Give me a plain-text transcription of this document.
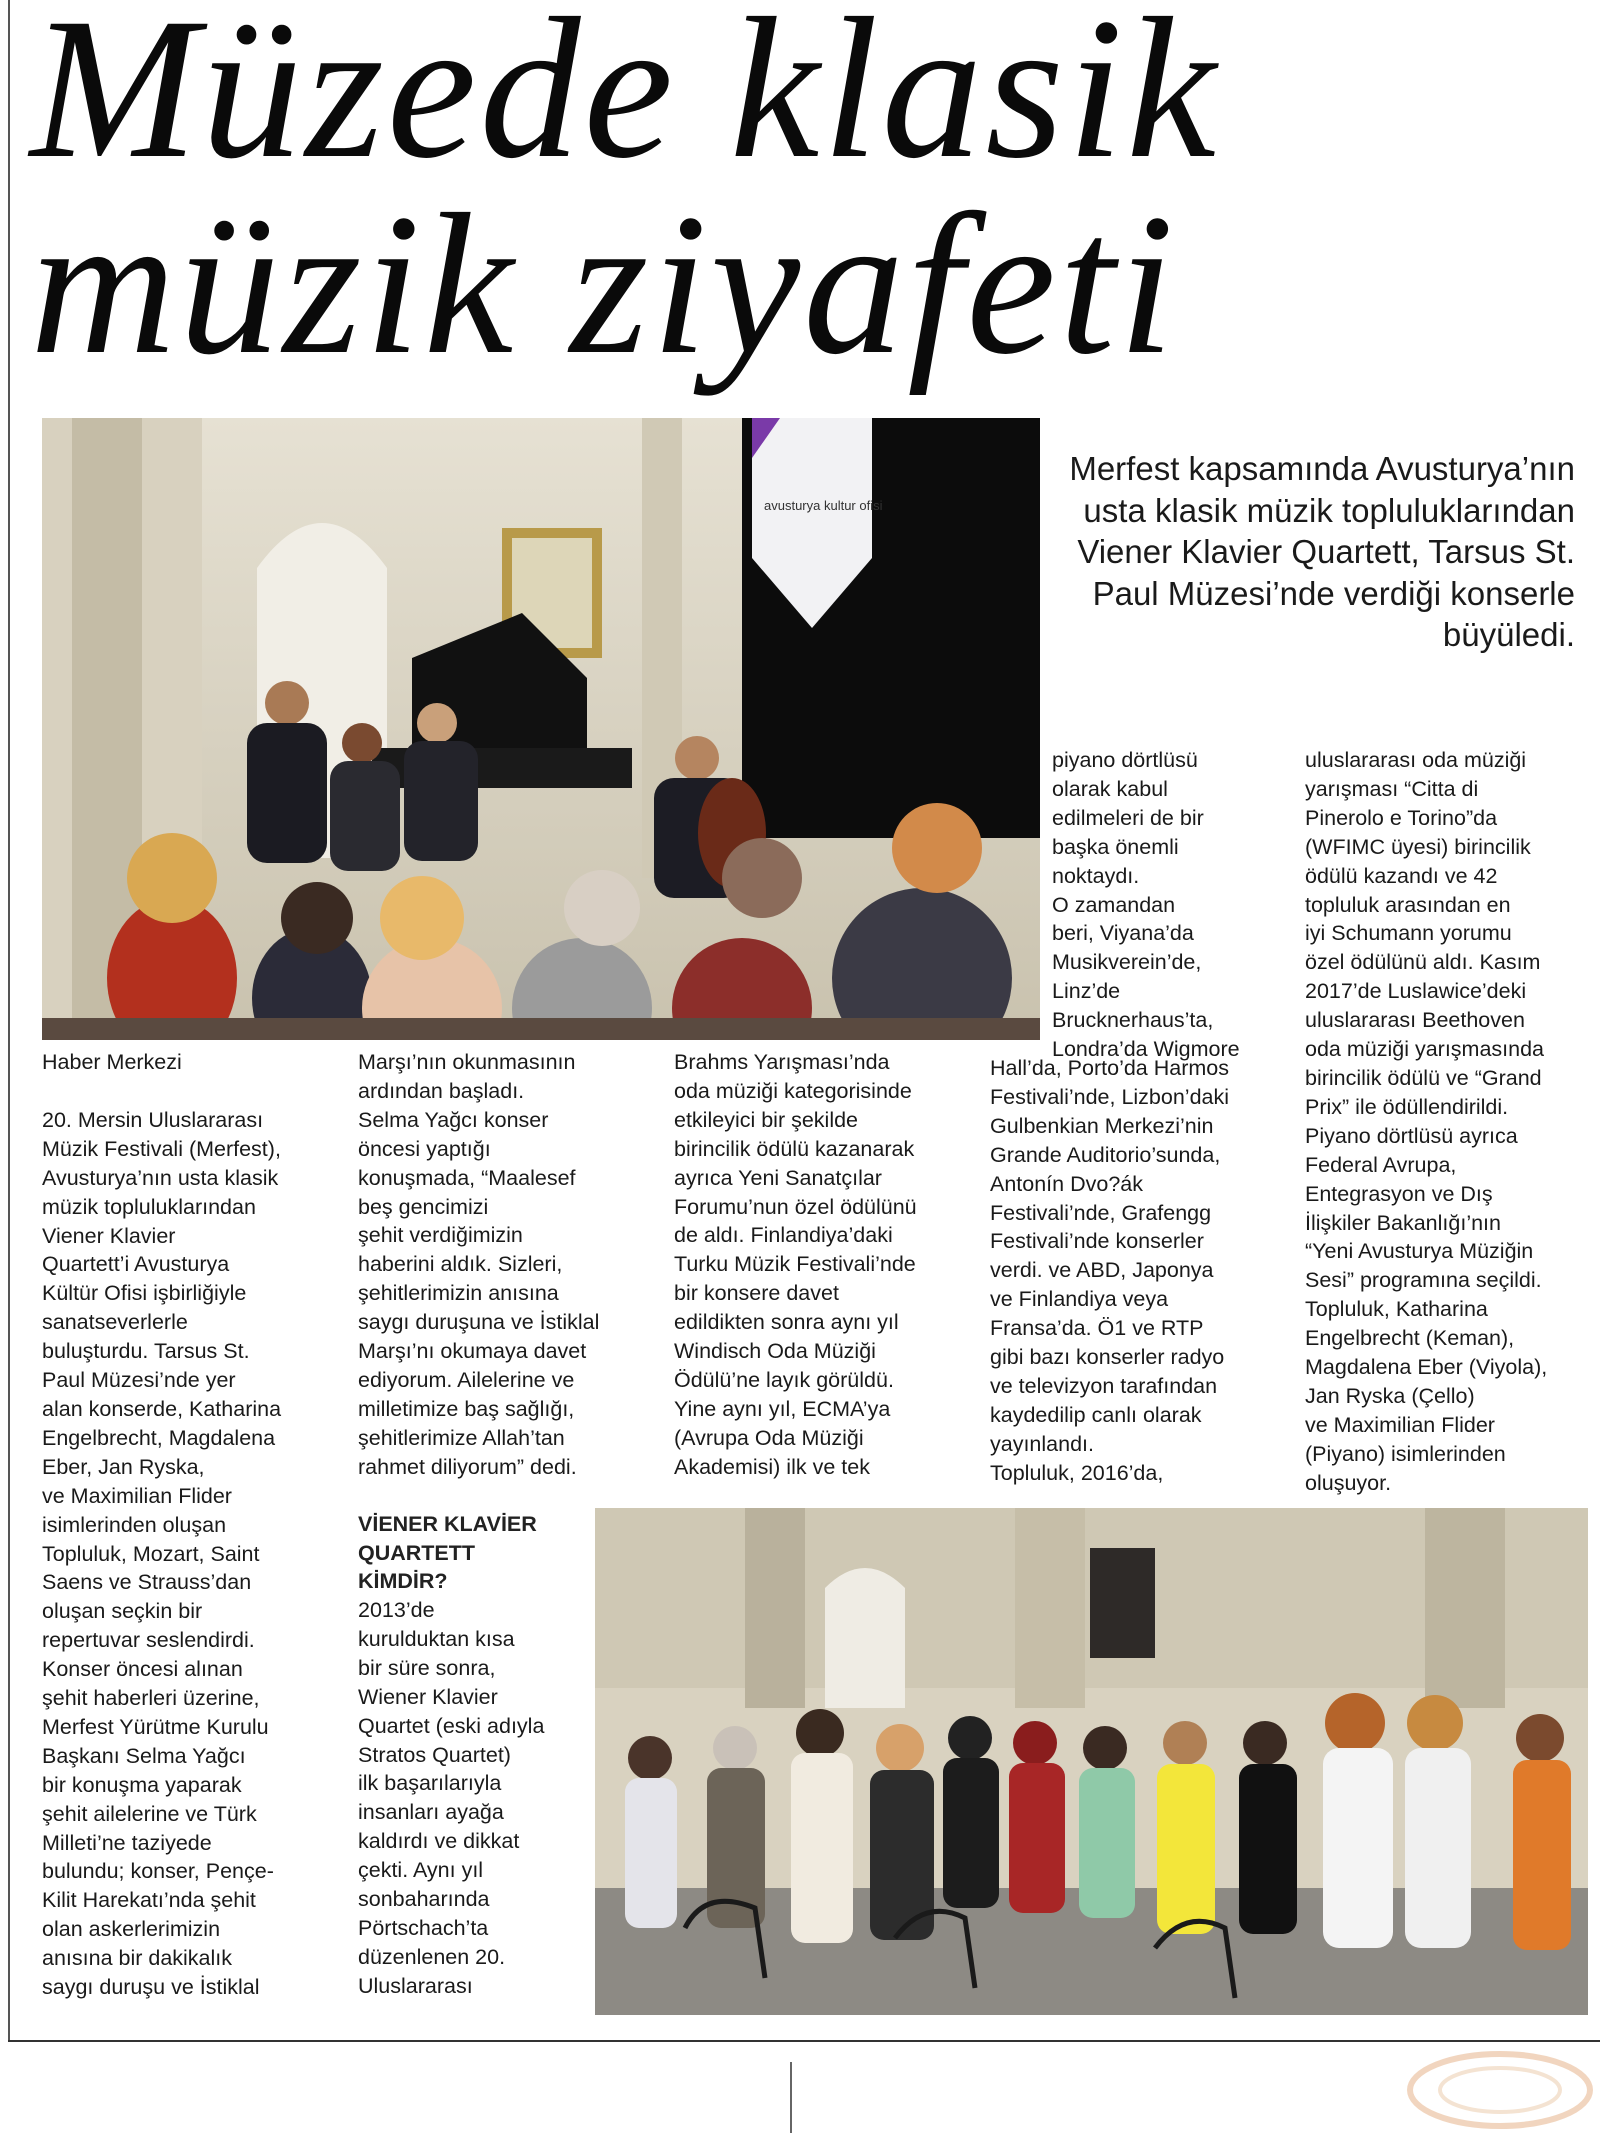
Müzede klasik
müzik ziyafeti
avusturya kultur ofisi
Merfest kapsamında Avusturya’nın usta klasik müzik topluluklarından Viener Klavier Quartett, Tarsus St. Paul Müzesi’nde verdiği konserle büyüledi.
Haber Merkezi
20. Mersin Uluslararası
Müzik Festivali (Merfest),
Avusturya’nın usta klasik
müzik topluluklarından
Viener Klavier
Quartett’i Avusturya
Kültür Ofisi işbirliğiyle
sanatseverlerle
buluşturdu. Tarsus St.
Paul Müzesi’nde yer
alan konserde, Katharina
Engelbrecht, Magdalena
Eber, Jan Ryska,
ve Maximilian Flider
isimlerinden oluşan
Topluluk, Mozart, Saint
Saens ve Strauss’dan
oluşan seçkin bir
repertuvar seslendirdi.
Konser öncesi alınan
şehit haberleri üzerine,
Merfest Yürütme Kurulu
Başkanı Selma Yağcı
bir konuşma yaparak
şehit ailelerine ve Türk
Milleti’ne taziyede
bulundu; konser, Pençe-
Kilit Harekatı’nda şehit
olan askerlerimizin
anısına bir dakikalık
saygı duruşu ve İstiklal
Marşı’nın okunmasının
ardından başladı.
Selma Yağcı konser
öncesi yaptığı
konuşmada, “Maalesef
beş gencimizi
şehit verdiğimizin
haberini aldık. Sizleri,
şehitlerimizin anısına
saygı duruşuna ve İstiklal
Marşı’nı okumaya davet
ediyorum. Ailelerine ve
milletimize baş sağlığı,
şehitlerimize Allah’tan
rahmet diliyorum” dedi.
VİENER KLAVİER
QUARTETT
KİMDİR?
2013’de
kurulduktan kısa
bir süre sonra,
Wiener Klavier
Quartet (eski adıyla
Stratos Quartet)
ilk başarılarıyla
insanları ayağa
kaldırdı ve dikkat
çekti. Aynı yıl
sonbaharında
Pörtschach’ta
düzenlenen 20.
Uluslararası
Brahms Yarışması’nda
oda müziği kategorisinde
etkileyici bir şekilde
birincilik ödülü kazanarak
ayrıca Yeni Sanatçılar
Forumu’nun özel ödülünü
de aldı. Finlandiya’daki
Turku Müzik Festivali’nde
bir konsere davet
edildikten sonra aynı yıl
Windisch Oda Müziği
Ödülü’ne layık görüldü.
Yine aynı yıl, ECMA’ya
(Avrupa Oda Müziği
Akademisi) ilk ve tek
piyano dörtlüsü
olarak kabul
edilmeleri de bir
başka önemli
noktaydı.
O zamandan
beri, Viyana’da
Musikverein’de,
Linz’de
Brucknerhaus’ta,
Londra’da Wigmore
Hall’da, Porto’da Harmos
Festivali’nde, Lizbon’daki
Gulbenkian Merkezi’nin
Grande Auditorio’sunda,
Antonín Dvo?ák
Festivali’nde, Grafengg
Festivali’nde konserler
verdi. ve ABD, Japonya
ve Finlandiya veya
Fransa’da. Ö1 ve RTP
gibi bazı konserler radyo
ve televizyon tarafından
kaydedilip canlı olarak
yayınlandı.
Topluluk, 2016’da,
uluslararası oda müziği
yarışması “Citta di
Pinerolo e Torino”da
(WFIMC üyesi) birincilik
ödülü kazandı ve 42
topluluk arasından en
iyi Schumann yorumu
özel ödülünü aldı. Kasım
2017’de Luslawice’deki
uluslararası Beethoven
oda müziği yarışmasında
birincilik ödülü ve “Grand
Prix” ile ödüllendirildi.
Piyano dörtlüsü ayrıca
Federal Avrupa,
Entegrasyon ve Dış
İlişkiler Bakanlığı’nın
“Yeni Avusturya Müziğin
Sesi” programına seçildi.
Topluluk, Katharina
Engelbrecht (Keman),
Magdalena Eber (Viyola),
Jan Ryska (Çello)
ve Maximilian Flider
(Piyano) isimlerinden
oluşuyor.
